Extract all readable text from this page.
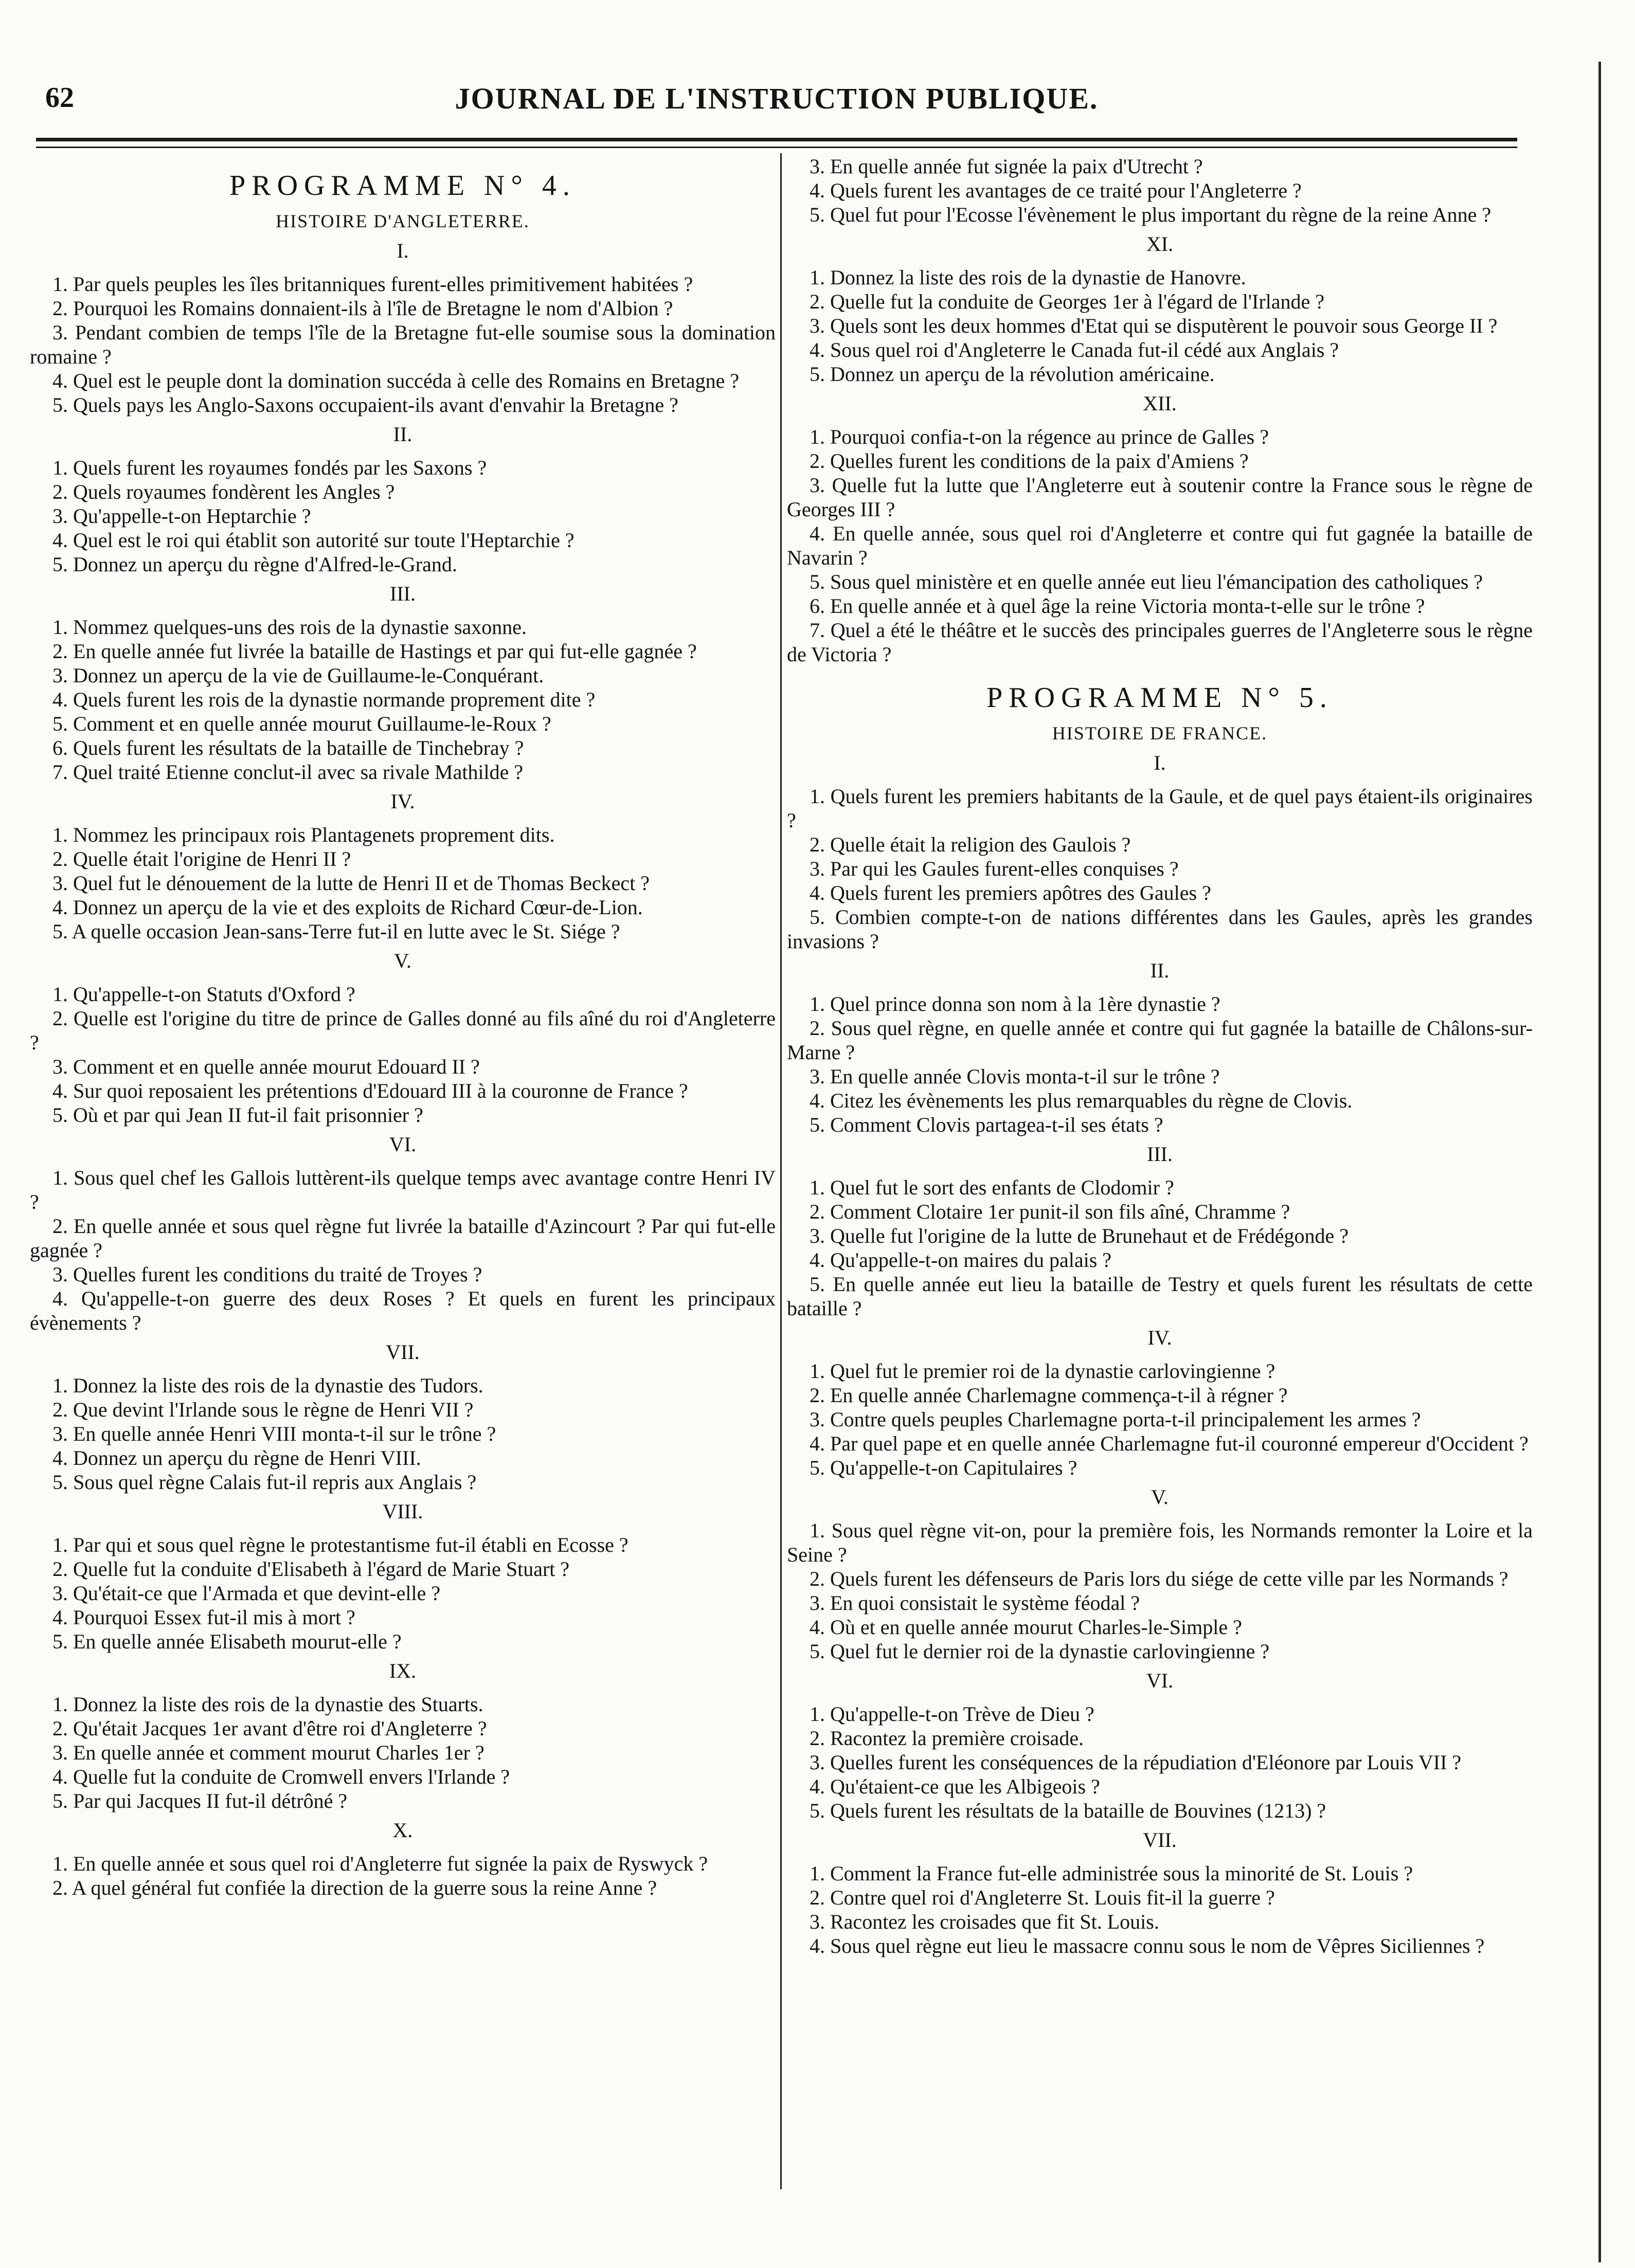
62	JOURNAL DE L'INSTRUCTION PUBLIQUE.

PROGRAMME N° 4.

HISTOIRE D'ANGLETERRE.

I.

1. Par quels peuples les îles britanniques furent-elles primitivement habitées ?

2. Pourquoi les Romains donnaient-ils à l'île de Bretagne le nom d'Albion ?

3. Pendant combien de temps l'île de la Bretagne fut-elle soumise sous la domination romaine ?

4. Quel est le peuple dont la domination succéda à celle des Romains en Bretagne ?

5. Quels pays les Anglo-Saxons occupaient-ils avant d'envahir la Bretagne ?

II.

1. Quels furent les royaumes fondés par les Saxons ?

2. Quels royaumes fondèrent les Angles ?

3. Qu'appelle-t-on Heptarchie ?

4. Quel est le roi qui établit son autorité sur toute l'Heptarchie ?

5. Donnez un aperçu du règne d'Alfred-le-Grand.

III.

1. Nommez quelques-uns des rois de la dynastie saxonne.

2. En quelle année fut livrée la bataille de Hastings et par qui fut-elle gagnée ?

3. Donnez un aperçu de la vie de Guillaume-le-Conquérant.

4. Quels furent les rois de la dynastie normande proprement dite ?

5. Comment et en quelle année mourut Guillaume-le-Roux ?

6. Quels furent les résultats de la bataille de Tinchebray ?

7. Quel traité Etienne conclut-il avec sa rivale Mathilde ?

IV.

1. Nommez les principaux rois Plantagenets proprement dits.

2. Quelle était l'origine de Henri II ?

3. Quel fut le dénouement de la lutte de Henri II et de Thomas Beckect ?

4. Donnez un aperçu de la vie et des exploits de Richard Cœur-de-Lion.

5. A quelle occasion Jean-sans-Terre fut-il en lutte avec le St. Siége ?

V.

1. Qu'appelle-t-on Statuts d'Oxford ?

2. Quelle est l'origine du titre de prince de Galles donné au fils aîné du roi d'Angleterre ?

3. Comment et en quelle année mourut Edouard II ?

4. Sur quoi reposaient les prétentions d'Edouard III à la couronne de France ?

5. Où et par qui Jean II fut-il fait prisonnier ?

VI.

1. Sous quel chef les Gallois luttèrent-ils quelque temps avec avantage contre Henri IV ?

2. En quelle année et sous quel règne fut livrée la bataille d'Azincourt ? Par qui fut-elle gagnée ?

3. Quelles furent les conditions du traité de Troyes ?

4. Qu'appelle-t-on guerre des deux Roses ? Et quels en furent les principaux évènements ?

VII.

1. Donnez la liste des rois de la dynastie des Tudors.

2. Que devint l'Irlande sous le règne de Henri VII ?

3. En quelle année Henri VIII monta-t-il sur le trône ?

4. Donnez un aperçu du règne de Henri VIII.

5. Sous quel règne Calais fut-il repris aux Anglais ?

VIII.

1. Par qui et sous quel règne le protestantisme fut-il établi en Ecosse ?

2. Quelle fut la conduite d'Elisabeth à l'égard de Marie Stuart ?

3. Qu'était-ce que l'Armada et que devint-elle ?

4. Pourquoi Essex fut-il mis à mort ?

5. En quelle année Elisabeth mourut-elle ?

IX.

1. Donnez la liste des rois de la dynastie des Stuarts.

2. Qu'était Jacques 1er avant d'être roi d'Angleterre ?

3. En quelle année et comment mourut Charles 1er ?

4. Quelle fut la conduite de Cromwell envers l'Irlande ?

5. Par qui Jacques II fut-il détrôné ?

X.

1. En quelle année et sous quel roi d'Angleterre fut signée la paix de Ryswyck ?

2. A quel général fut confiée la direction de la guerre sous la reine Anne ?

3. En quelle année fut signée la paix d'Utrecht ?

4. Quels furent les avantages de ce traité pour l'Angleterre ?

5. Quel fut pour l'Ecosse l'évènement le plus important du règne de la reine Anne ?

XI.

1. Donnez la liste des rois de la dynastie de Hanovre.

2. Quelle fut la conduite de Georges 1er à l'égard de l'Irlande ?

3. Quels sont les deux hommes d'Etat qui se disputèrent le pouvoir sous George II ?

4. Sous quel roi d'Angleterre le Canada fut-il cédé aux Anglais ?

5. Donnez un aperçu de la révolution américaine.

XII.

1. Pourquoi confia-t-on la régence au prince de Galles ?

2. Quelles furent les conditions de la paix d'Amiens ?

3. Quelle fut la lutte que l'Angleterre eut à soutenir contre la France sous le règne de Georges III ?

4. En quelle année, sous quel roi d'Angleterre et contre qui fut gagnée la bataille de Navarin ?

5. Sous quel ministère et en quelle année eut lieu l'émancipation des catholiques ?

6. En quelle année et à quel âge la reine Victoria monta-t-elle sur le trône ?

7. Quel a été le théâtre et le succès des principales guerres de l'Angleterre sous le règne de Victoria ?

PROGRAMME N° 5.

HISTOIRE DE FRANCE.

I.

1. Quels furent les premiers habitants de la Gaule, et de quel pays étaient-ils originaires ?

2. Quelle était la religion des Gaulois ?

3. Par qui les Gaules furent-elles conquises ?

4. Quels furent les premiers apôtres des Gaules ?

5. Combien compte-t-on de nations différentes dans les Gaules, après les grandes invasions ?

II.

1. Quel prince donna son nom à la 1ère dynastie ?

2. Sous quel règne, en quelle année et contre qui fut gagnée la bataille de Châlons-sur-Marne ?

3. En quelle année Clovis monta-t-il sur le trône ?

4. Citez les évènements les plus remarquables du règne de Clovis.

5. Comment Clovis partagea-t-il ses états ?

III.

1. Quel fut le sort des enfants de Clodomir ?

2. Comment Clotaire 1er punit-il son fils aîné, Chramme ?

3. Quelle fut l'origine de la lutte de Brunehaut et de Frédégonde ?

4. Qu'appelle-t-on maires du palais ?

5. En quelle année eut lieu la bataille de Testry et quels furent les résultats de cette bataille ?

IV.

1. Quel fut le premier roi de la dynastie carlovingienne ?

2. En quelle année Charlemagne commença-t-il à régner ?

3. Contre quels peuples Charlemagne porta-t-il principalement les armes ?

4. Par quel pape et en quelle année Charlemagne fut-il couronné empereur d'Occident ?

5. Qu'appelle-t-on Capitulaires ?

V.

1. Sous quel règne vit-on, pour la première fois, les Normands remonter la Loire et la Seine ?

2. Quels furent les défenseurs de Paris lors du siége de cette ville par les Normands ?

3. En quoi consistait le système féodal ?

4. Où et en quelle année mourut Charles-le-Simple ?

5. Quel fut le dernier roi de la dynastie carlovingienne ?

VI.

1. Qu'appelle-t-on Trève de Dieu ?

2. Racontez la première croisade.

3. Quelles furent les conséquences de la répudiation d'Eléonore par Louis VII ?

4. Qu'étaient-ce que les Albigeois ?

5. Quels furent les résultats de la bataille de Bouvines (1213) ?

VII.

1. Comment la France fut-elle administrée sous la minorité de St. Louis ?

2. Contre quel roi d'Angleterre St. Louis fit-il la guerre ?

3. Racontez les croisades que fit St. Louis.

4. Sous quel règne eut lieu le massacre connu sous le nom de Vêpres Siciliennes ?
